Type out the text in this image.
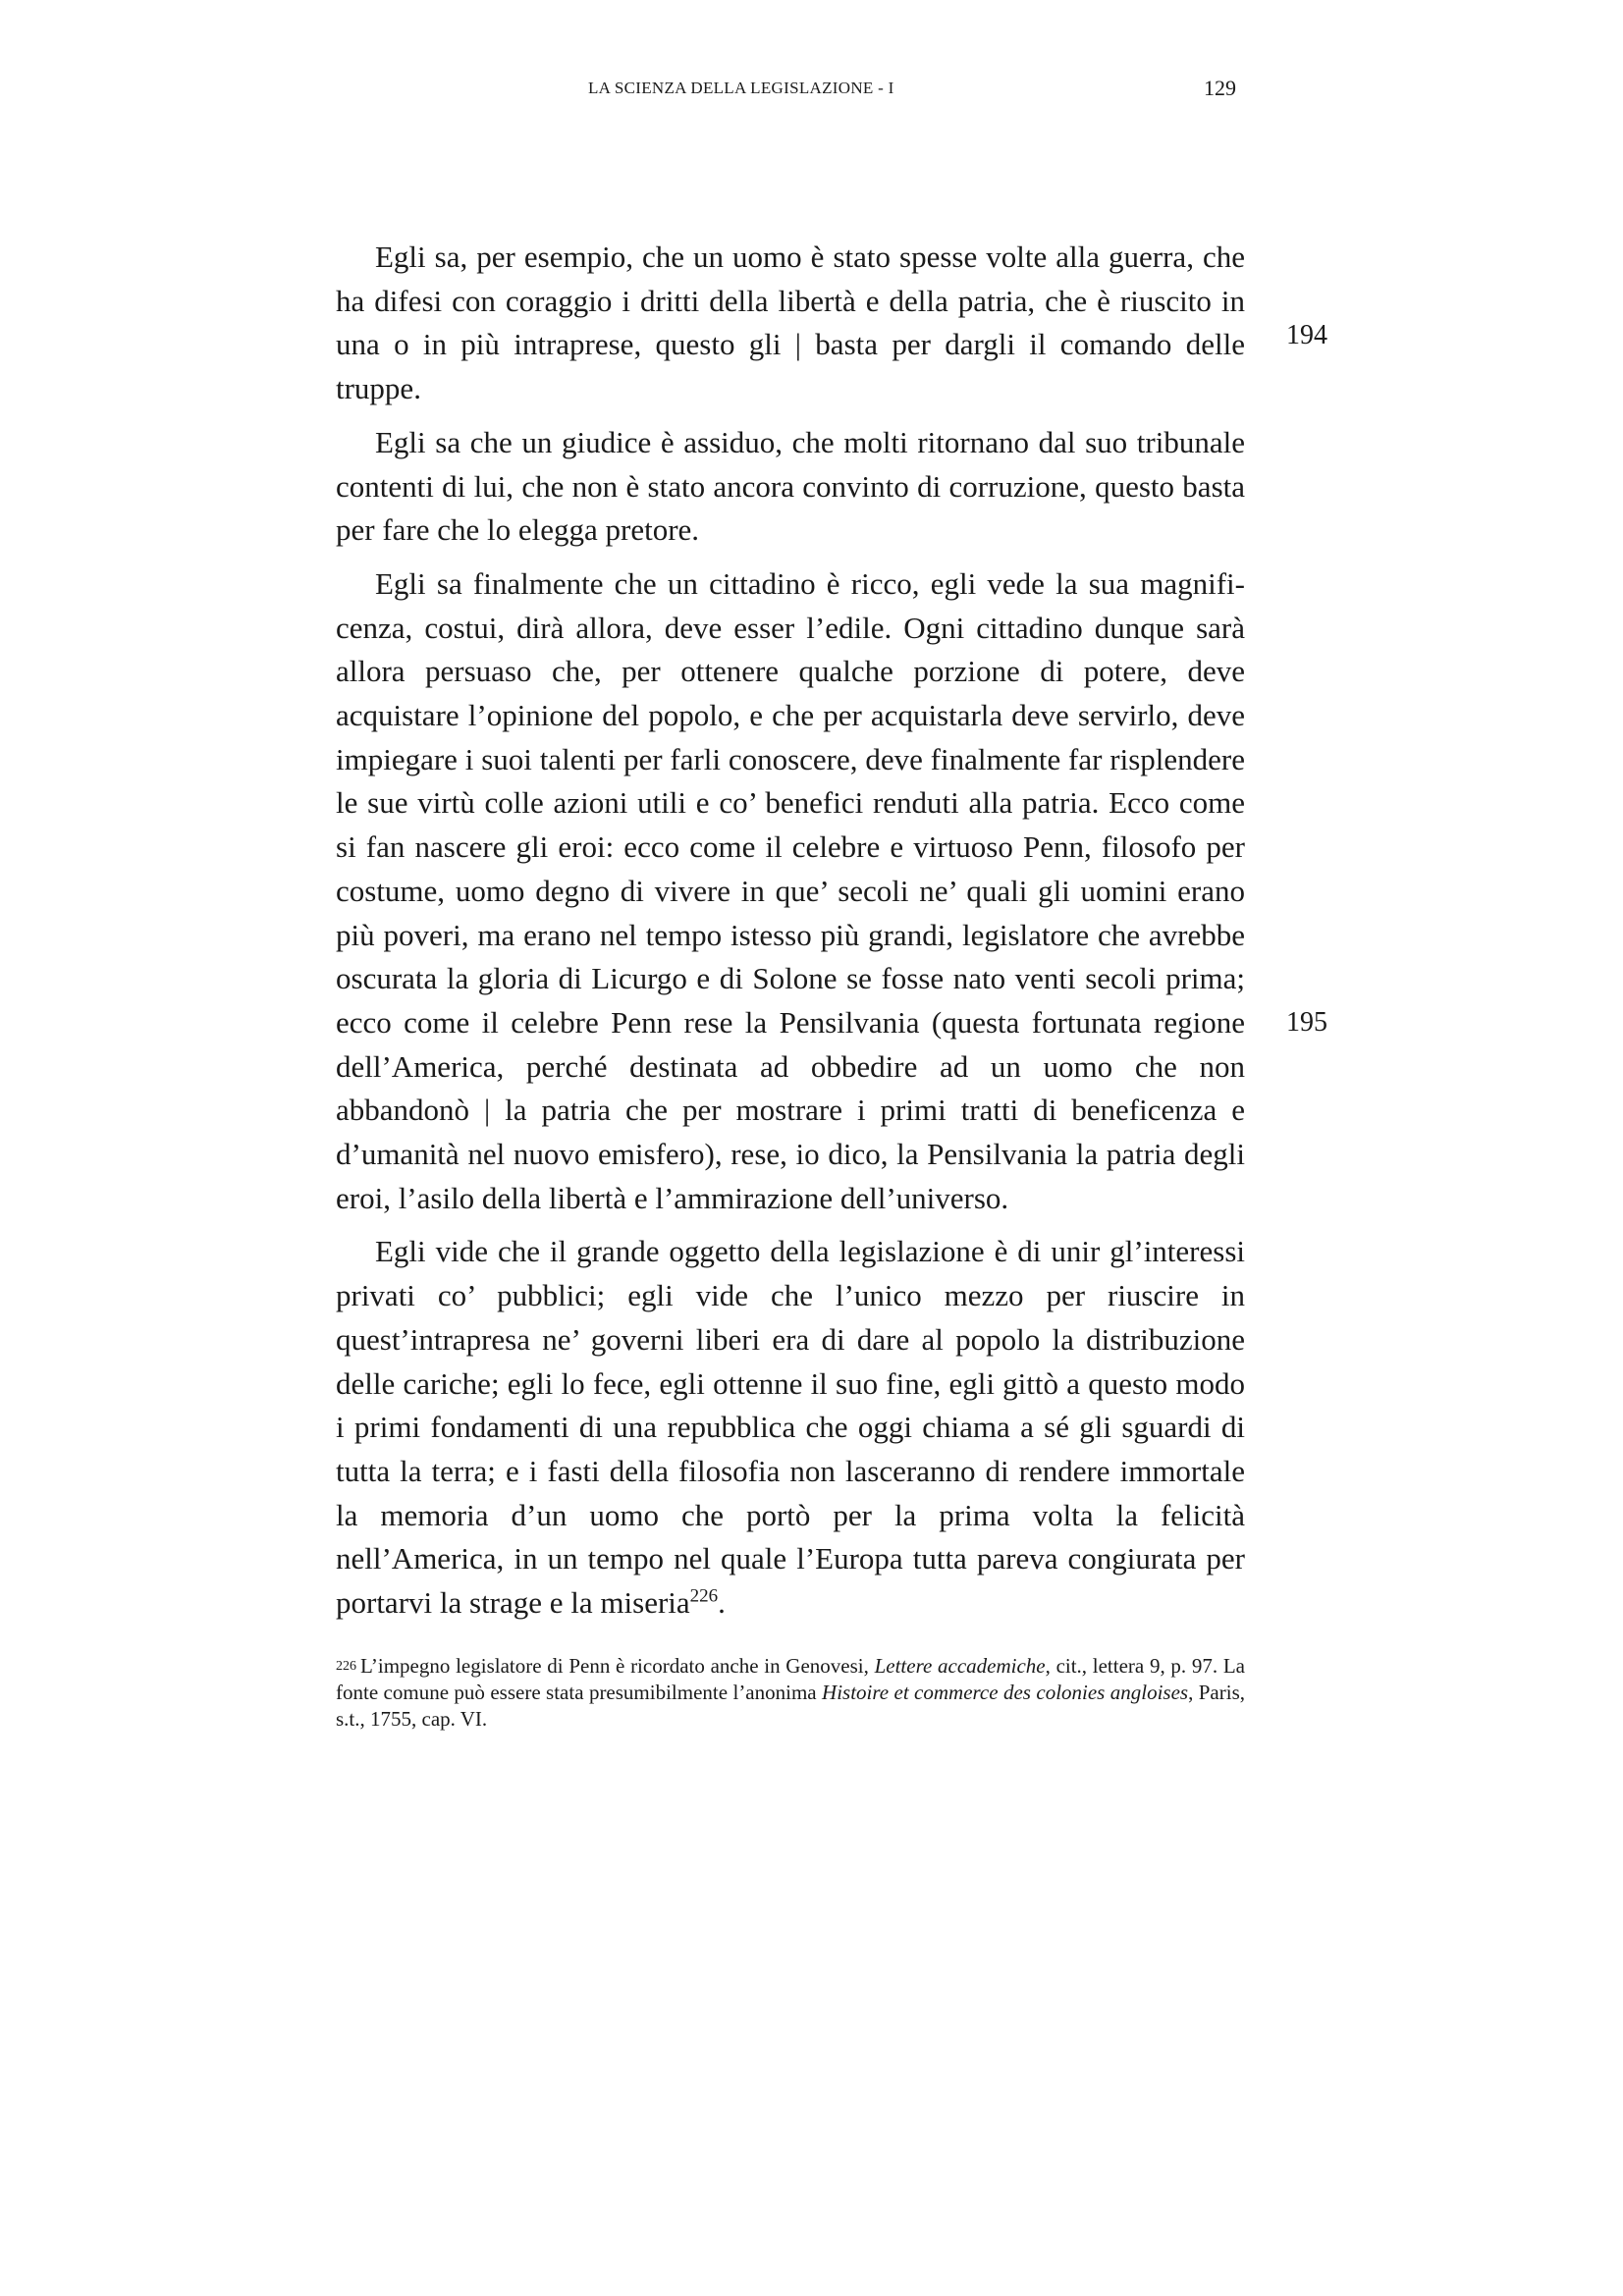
LA SCIENZA DELLA LEGISLAZIONE - I	129

Egli sa, per esempio, che un uomo è stato spesse volte alla guerra, che ha difesi con coraggio i dritti della libertà e della patria, che è riuscito in una o in più intraprese, questo gli | basta per dargli il comando delle truppe.

Egli sa che un giudice è assiduo, che molti ritornano dal suo tribunale contenti di lui, che non è stato ancora convinto di corruzione, questo basta per fare che lo elegga pretore.

Egli sa finalmente che un cittadino è ricco, egli vede la sua magnificenza, costui, dirà allora, deve esser l’edile. Ogni cittadino dunque sarà allora persuaso che, per ottenere qualche porzione di potere, deve acquistare l’opinione del popolo, e che per acquistarla deve servirlo, deve impiegare i suoi talenti per farli conoscere, deve finalmente far risplendere le sue virtù colle azioni utili e co’ benefici renduti alla patria. Ecco come si fan nascere gli eroi: ecco come il celebre e virtuoso Penn, filosofo per costume, uomo degno di vivere in que’ secoli ne’ quali gli uomini erano più poveri, ma erano nel tempo istesso più grandi, legislatore che avrebbe oscurata la gloria di Licurgo e di Solone se fosse nato venti secoli prima; ecco come il celebre Penn rese la Pensilvania (questa fortunata regione dell’America, perché destinata ad obbedire ad un uomo che non abbandonò | la patria che per mostrare i primi tratti di beneficenza e d’umanità nel nuovo emisfero), rese, io dico, la Pensilvania la patria degli eroi, l’asilo della libertà e l’ammirazione dell’universo.

Egli vide che il grande oggetto della legislazione è di unir gl’interessi privati co’ pubblici; egli vide che l’unico mezzo per riuscire in quest’intrapresa ne’ governi liberi era di dare al popolo la distribuzione delle cariche; egli lo fece, egli ottenne il suo fine, egli gittò a questo modo i primi fondamenti di una repubblica che oggi chiama a sé gli sguardi di tutta la terra; e i fasti della filosofia non lasceranno di rendere immortale la memoria d’un uomo che portò per la prima volta la felicità nell’America, in un tempo nel quale l’Europa tutta pareva congiurata per portarvi la strage e la miseria$^{226}$.

194
195
226 L’impegno legislatore di Penn è ricordato anche in Genovesi, Lettere accademiche, cit., lettera 9, p. 97. La fonte comune può essere stata presumibilmente l’anonima Histoire et commerce des colonies angloises, Paris, s.t., 1755, cap. VI.
